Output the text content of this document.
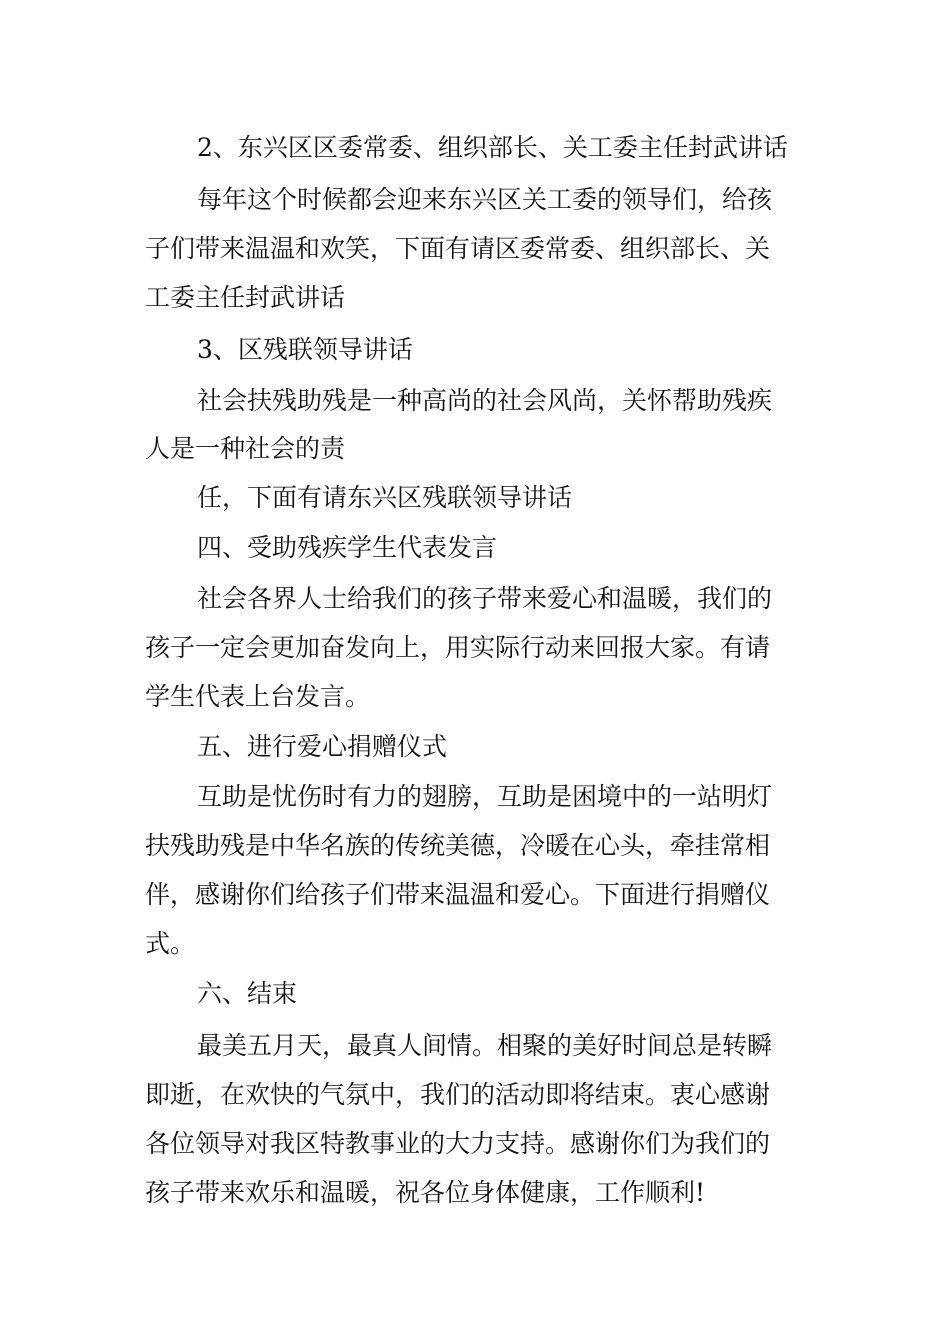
2、东兴区区委常委、组织部长、关工委主任封武讲话
每年这个时候都会迎来东兴区关工委的领导们，给孩
子们带来温温和欢笑，下面有请区委常委、组织部长、关
工委主任封武讲话
3、区残联领导讲话
社会扶残助残是一种高尚的社会风尚，关怀帮助残疾
人是一种社会的责
任，下面有请东兴区残联领导讲话
四、受助残疾学生代表发言
社会各界人士给我们的孩子带来爱心和温暖，我们的
孩子一定会更加奋发向上，用实际行动来回报大家。有请
学生代表上台发言。
五、进行爱心捐赠仪式
互助是忧伤时有力的翅膀，互助是困境中的一站明灯
扶残助残是中华名族的传统美德，冷暖在心头，牵挂常相
伴，感谢你们给孩子们带来温温和爱心。下面进行捐赠仪
式。
六、结束
最美五月天，最真人间情。相聚的美好时间总是转瞬
即逝，在欢快的气氛中，我们的活动即将结束。衷心感谢
各位领导对我区特教事业的大力支持。感谢你们为我们的
孩子带来欢乐和温暖，祝各位身体健康，工作顺利!
